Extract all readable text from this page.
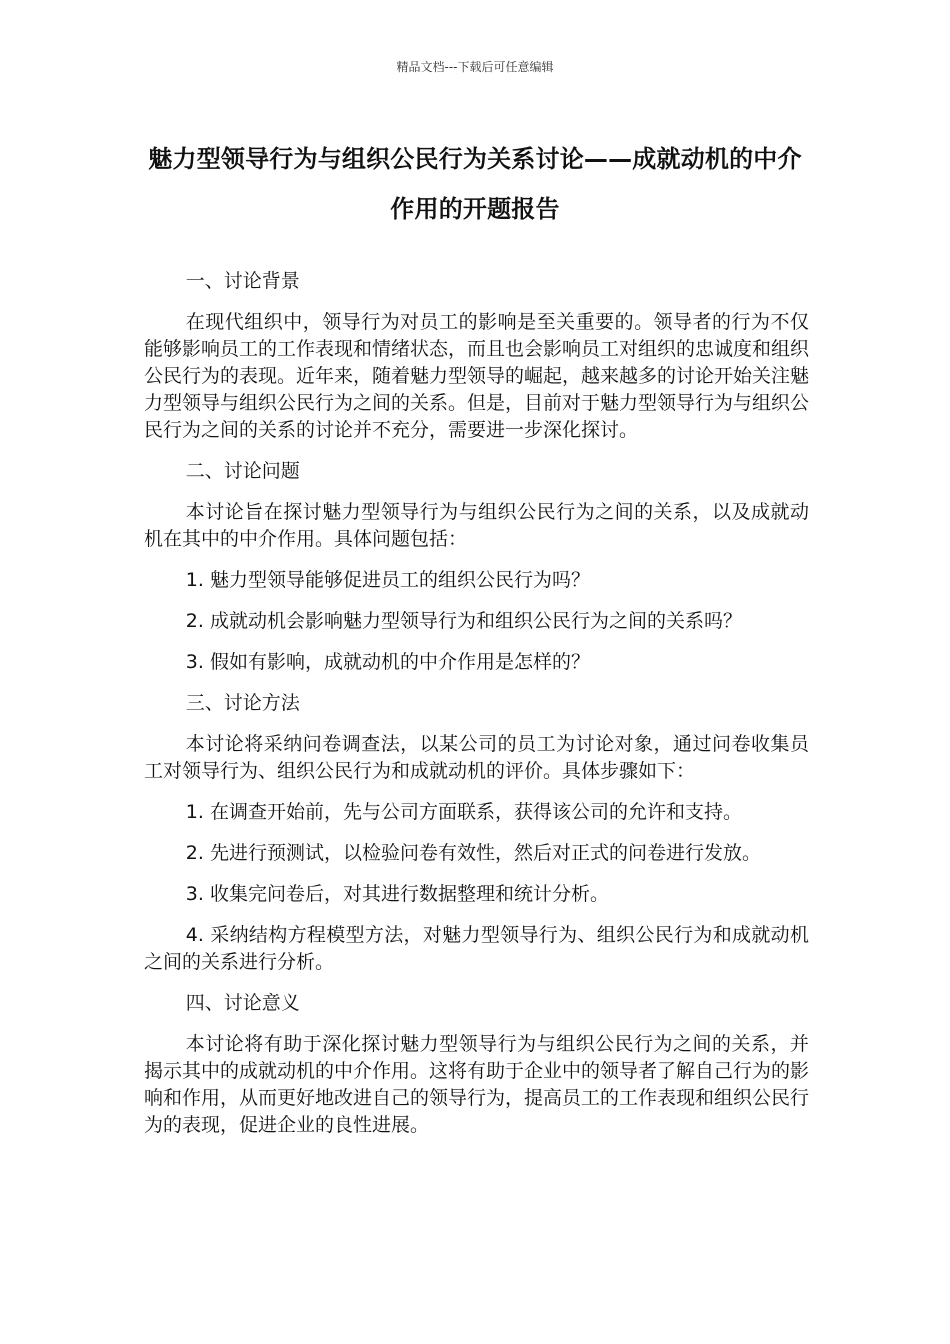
精品文档---下载后可任意编辑
魅力型领导行为与组织公民行为关系讨论——成就动机的中介作用的开题报告

一、讨论背景

在现代组织中，领导行为对员工的影响是至关重要的。领导者的行为不仅能够影响员工的工作表现和情绪状态，而且也会影响员工对组织的忠诚度和组织公民行为的表现。近年来，随着魅力型领导的崛起，越来越多的讨论开始关注魅力型领导与组织公民行为之间的关系。但是，目前对于魅力型领导行为与组织公民行为之间的关系的讨论并不充分，需要进一步深化探讨。

二、讨论问题

本讨论旨在探讨魅力型领导行为与组织公民行为之间的关系，以及成就动机在其中的中介作用。具体问题包括：

1. 魅力型领导能够促进员工的组织公民行为吗？

2. 成就动机会影响魅力型领导行为和组织公民行为之间的关系吗？

3. 假如有影响，成就动机的中介作用是怎样的？

三、讨论方法

本讨论将采纳问卷调查法，以某公司的员工为讨论对象，通过问卷收集员工对领导行为、组织公民行为和成就动机的评价。具体步骤如下：

1. 在调查开始前，先与公司方面联系，获得该公司的允许和支持。

2. 先进行预测试，以检验问卷有效性，然后对正式的问卷进行发放。

3. 收集完问卷后，对其进行数据整理和统计分析。

4. 采纳结构方程模型方法，对魅力型领导行为、组织公民行为和成就动机之间的关系进行分析。

四、讨论意义

本讨论将有助于深化探讨魅力型领导行为与组织公民行为之间的关系，并揭示其中的成就动机的中介作用。这将有助于企业中的领导者了解自己行为的影响和作用，从而更好地改进自己的领导行为，提高员工的工作表现和组织公民行为的表现，促进企业的良性进展。
